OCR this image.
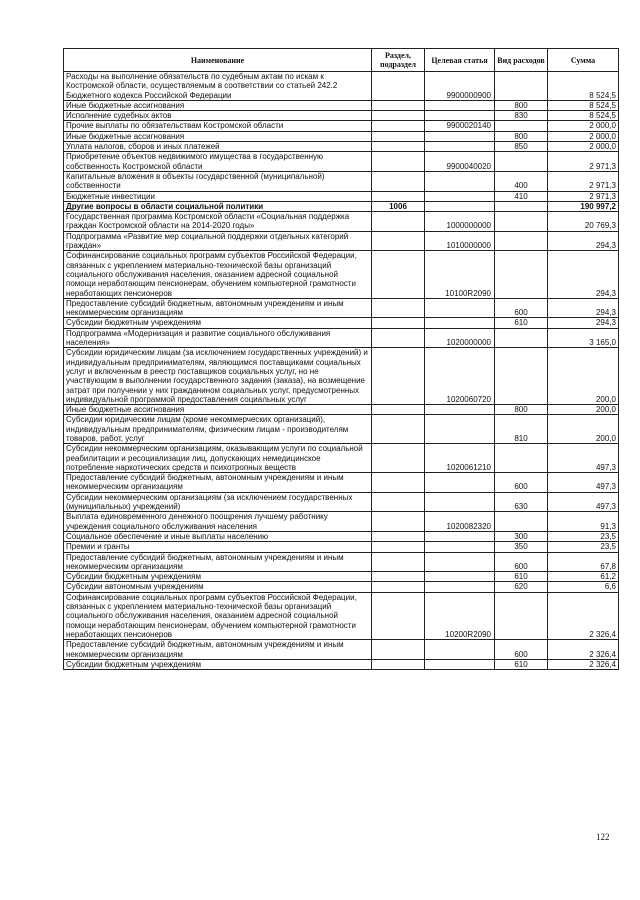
Наименование	Раздел, подраздел	Целевая статья	Вид расходов	Сумма
Расходы на выполнение обязательств по судебным актам по искам к Костромской области, осуществляемым в соответствии со статьей 242.2 Бюджетного кодекса Российской Федерации		9900000900		8 524,5
Иные бюджетные ассигнования			800	8 524,5
Исполнение судебных актов			830	8 524,5
Прочие выплаты по обязательствам Костромской области		9900020140		2 000,0
Иные бюджетные ассигнования			800	2 000,0
Уплата налогов, сборов и иных платежей			850	2 000,0
Приобретение объектов недвижимого имущества в государственную собственность Костромской области		9900040020		2 971,3
Капитальные вложения в объекты государственной (муниципальной) собственности			400	2 971,3
Бюджетные инвестиции			410	2 971,3
Другие вопросы в области социальной политики	1006			190 997,2
Государственная программа Костромской области «Социальная поддержка граждан Костромской области на 2014-2020 годы»		1000000000		20 769,3
Подпрограмма «Развитие мер социальной поддержки отдельных категорий граждан»		1010000000		294,3
Софинансирование социальных программ субъектов Российской Федерации, связанных с укреплением материально-технической базы организаций социального обслуживания населения, оказанием адресной социальной помощи неработающим пенсионерам, обучением компьютерной грамотности неработающих пенсионеров		10100R2090		294,3
Предоставление субсидий бюджетным, автономным учреждениям и иным некоммерческим организациям			600	294,3
Субсидии бюджетным учреждениям			610	294,3
Подпрограмма «Модернизация и развитие социального обслуживания населения»		1020000000		3 165,0
Субсидии юридическим лицам (за исключением государственных учреждений) и индивидуальным предпринимателям, являющимся поставщиками социальных услуг и включенным в реестр поставщиков социальных услуг, но не участвующим в выполнении государственного задания (заказа), на возмещение затрат при получении у них гражданином социальных услуг, предусмотренных индивидуальной программой предоставления социальных услуг		1020060720		200,0
Иные бюджетные ассигнования			800	200,0
Субсидии юридическим лицам (кроме некоммерческих организаций), индивидуальным предпринимателям, физическим лицам - производителям товаров, работ, услуг			810	200,0
Субсидии некоммерческим организациям, оказывающим услуги по социальной реабилитации и ресоциализации лиц, допускающих немедицинское потребление наркотических средств и психотропных веществ		1020061210		497,3
Предоставление субсидий бюджетным, автономным учреждениям и иным некоммерческим организациям			600	497,3
Субсидии некоммерческим организациям (за исключением государственных (муниципальных) учреждений)			630	497,3
Выплата единовременного денежного поощрения лучшему работнику учреждения социального обслуживания населения		1020082320		91,3
Социальное обеспечение и иные выплаты населению			300	23,5
Премии и гранты			350	23,5
Предоставление субсидий бюджетным, автономным учреждениям и иным некоммерческим организациям			600	67,8
Субсидии бюджетным учреждениям			610	61,2
Субсидии автономным учреждениям			620	6,6
Софинансирование социальных программ субъектов Российской Федерации, связанных с укреплением материально-технической базы организаций социального обслуживания населения, оказанием адресной социальной помощи неработающим пенсионерам, обучением компьютерной грамотности неработающих пенсионеров		10200R2090		2 326,4
Предоставление субсидий бюджетным, автономным учреждениям и иным некоммерческим организациям			600	2 326,4
Субсидии бюджетным учреждениям			610	2 326,4
122
